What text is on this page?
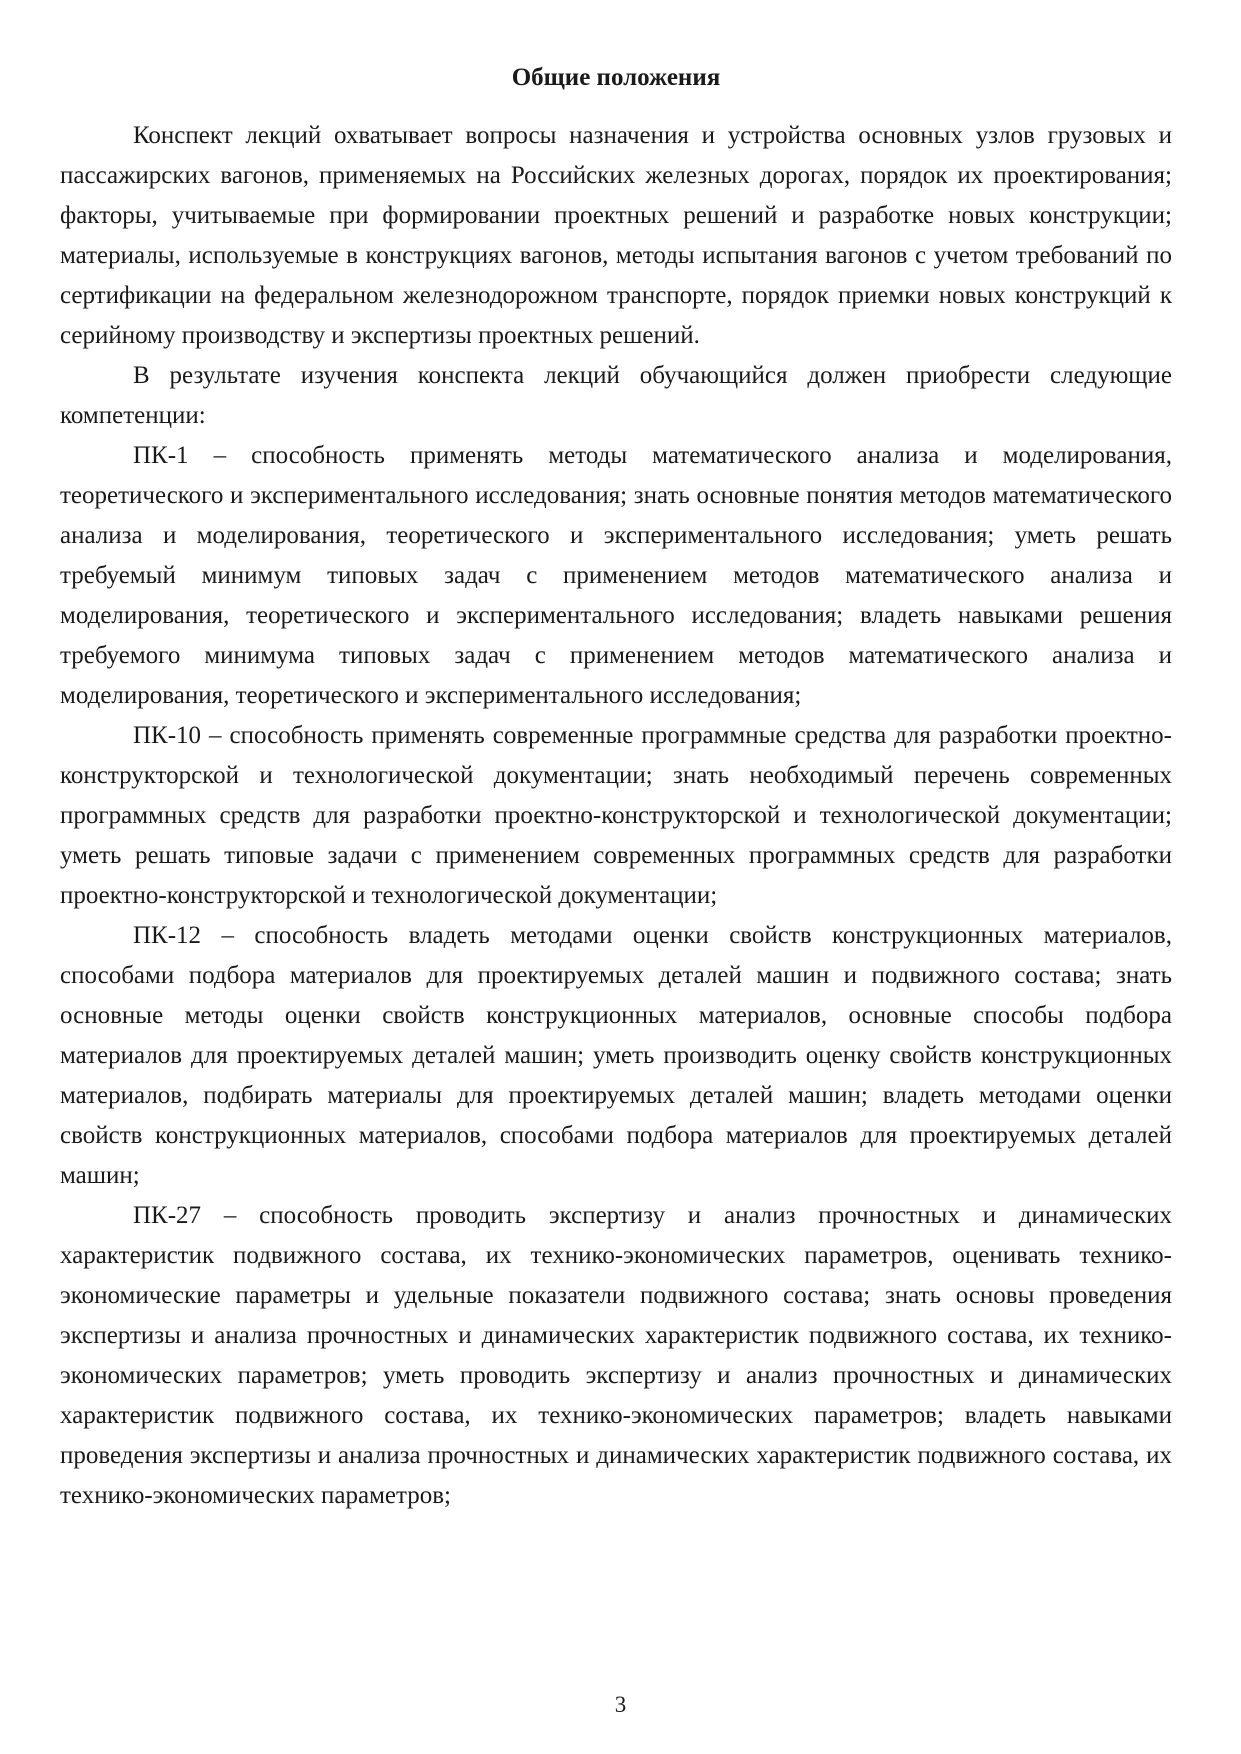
Общие положения

Конспект лекций охватывает вопросы назначения и устройства основных узлов грузовых и пассажирских вагонов, применяемых на Российских железных дорогах, порядок их проектирования; факторы, учитываемые при формировании проектных решений и разработке новых конструкции; материалы, используемые в конструкциях вагонов, методы испытания вагонов с учетом требований по сертификации на федеральном железнодорожном транспорте, порядок приемки новых конструкций к серийному производству и экспертизы проектных решений.

В результате изучения конспекта лекций обучающийся должен приобрести следующие компетенции:

ПК-1 – способность применять методы математического анализа и моделирования, теоретического и экспериментального исследования; знать основные понятия методов математического анализа и моделирования, теоретического и экспериментального исследования; уметь решать требуемый минимум типовых задач с применением методов математического анализа и моделирования, теоретического и экспериментального исследования; владеть навыками решения требуемого минимума типовых задач с применением методов математического анализа и моделирования, теоретического и экспериментального исследования;

ПК-10 – способность применять современные программные средства для разработки проектно-конструкторской и технологической документации; знать необходимый перечень современных программных средств для разработки проектно-конструкторской и технологической документации; уметь решать типовые задачи с применением современных программных средств для разработки проектно-конструкторской и технологической документации;

ПК-12 – способность владеть методами оценки свойств конструкционных материалов, способами подбора материалов для проектируемых деталей машин и подвижного состава; знать основные методы оценки свойств конструкционных материалов, основные способы подбора материалов для проектируемых деталей машин; уметь производить оценку свойств конструкционных материалов, подбирать материалы для проектируемых деталей машин; владеть методами оценки свойств конструкционных материалов, способами подбора материалов для проектируемых деталей машин;

ПК-27 – способность проводить экспертизу и анализ прочностных и динамических характеристик подвижного состава, их технико-экономических параметров, оценивать технико-экономические параметры и удельные показатели подвижного состава; знать основы проведения экспертизы и анализа прочностных и динамических характеристик подвижного состава, их технико-экономических параметров; уметь проводить экспертизу и анализ прочностных и динамических характеристик подвижного состава, их технико-экономических параметров; владеть навыками проведения экспертизы и анализа прочностных и динамических характеристик подвижного состава, их технико-экономических параметров;

3
